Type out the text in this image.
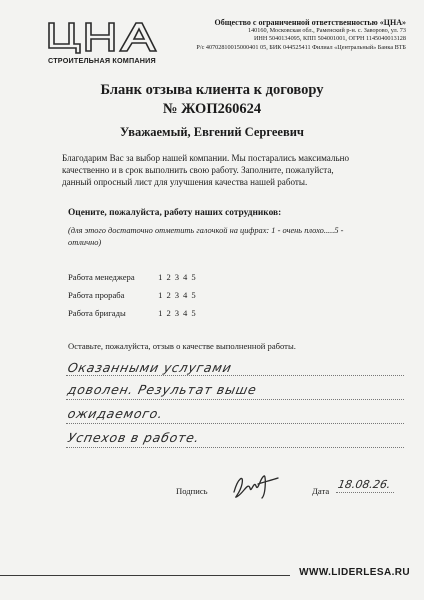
СТРОИТЕЛЬНАЯ КОМПАНИЯ
Общество с ограниченной ответственностью «ЦНА»
140160, Московская обл., Раменский р-н. с. Заворово, ул. 73
ИНН 5040134095, КПП 504001001, ОГРН 1145040013128
Р/с 40702810015000401 05, БИК 044525411 Филиал «Центральный» Банка ВТБ
Бланк отзыва клиента к договору
№ ЖОП260624
Уважаемый, Евгений Сергеевич
Благодарим Вас за выбор нашей компании. Мы постарались максимально
качественно и в срок выполнить свою работу. Заполните, пожалуйста,
данный опросный лист для улучшения качества нашей работы.
Оцените, пожалуйста, работу наших сотрудников:
(для этого достаточно отметить галочкой на цифрах: 1 - очень плохо.....5 -
отлично)
Работа менеджера	1 2 3 4 5
Работа прораба	1 2 3 4 5
Работа бригады	1 2 3 4 5
Оставьте, пожалуйста, отзыв о качестве выполненной работы.
Оказанными услугами
доволен. Результат выше
ожидаемого.
Успехов в работе.
Подпись	Дата 18.08.26.
WWW.LIDERLESA.RU
